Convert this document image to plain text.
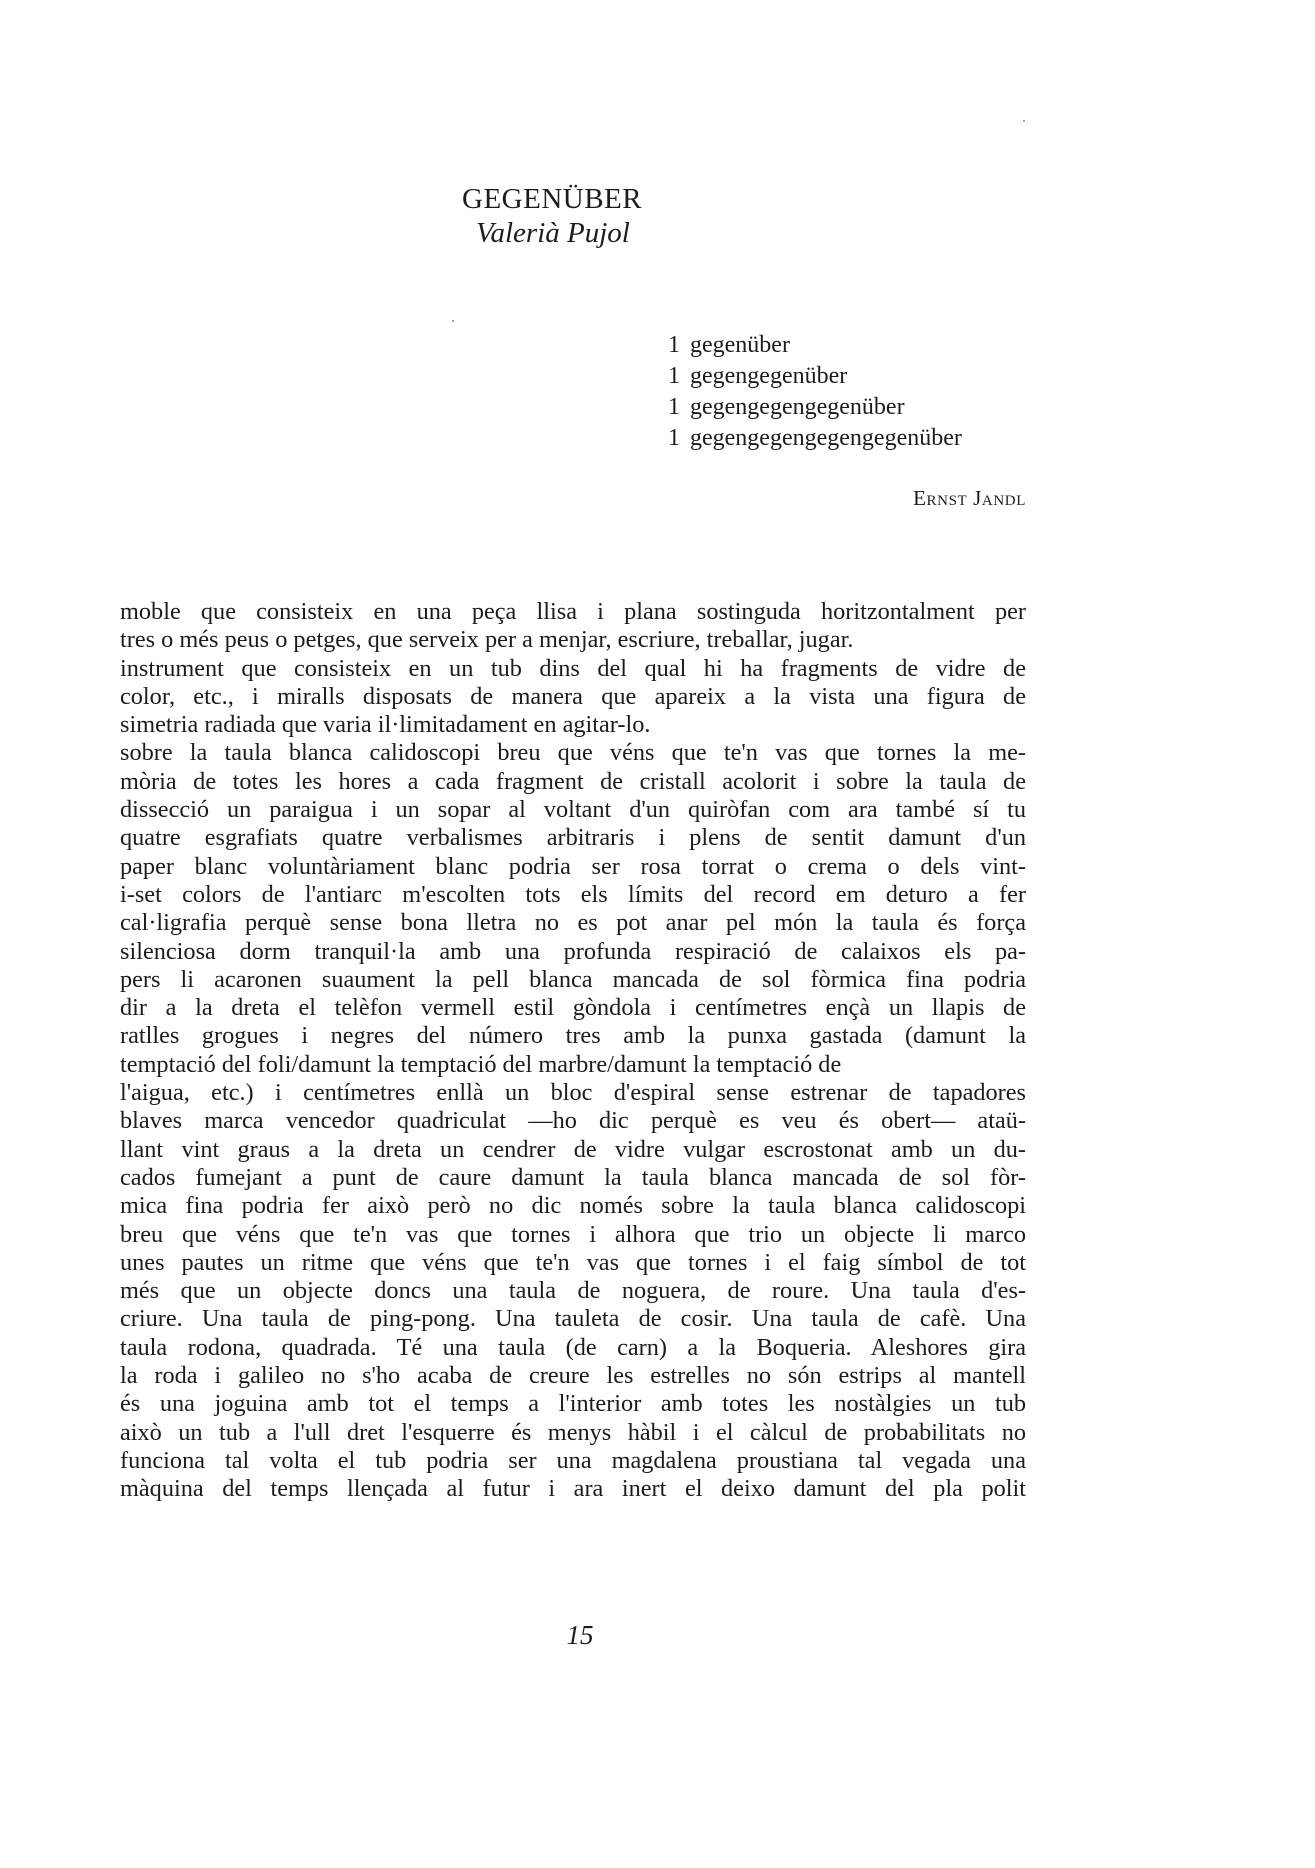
GEGENÜBER

Valerià Pujol

1 gegenüber
1 gegengegenüber
1 gegengegengegenüber
1 gegengegengegengegenüber
Ernst Jandl
moble que consisteix en una peça llisa i plana sostinguda horitzontalment per
tres o més peus o petges, que serveix per a menjar, escriure, treballar, jugar.
instrument que consisteix en un tub dins del qual hi ha fragments de vidre de
color, etc., i miralls disposats de manera que apareix a la vista una figura de
simetria radiada que varia il·limitadament en agitar-lo.
sobre la taula blanca calidoscopi breu que véns que te'n vas que tornes la me-
mòria de totes les hores a cada fragment de cristall acolorit i sobre la taula de
dissecció un paraigua i un sopar al voltant d'un quiròfan com ara també sí tu
quatre esgrafiats quatre verbalismes arbitraris i plens de sentit damunt d'un
paper blanc voluntàriament blanc podria ser rosa torrat o crema o dels vint-
i-set colors de l'antiarc m'escolten tots els límits del record em deturo a fer
cal·ligrafia perquè sense bona lletra no es pot anar pel món la taula és força
silenciosa dorm tranquil·la amb una profunda respiració de calaixos els pa-
pers li acaronen suaument la pell blanca mancada de sol fòrmica fina podria
dir a la dreta el telèfon vermell estil gòndola i centímetres ençà un llapis de
ratlles grogues i negres del número tres amb la punxa gastada (damunt la
temptació del foli/damunt la temptació del marbre/damunt la temptació de
l'aigua, etc.) i centímetres enllà un bloc d'espiral sense estrenar de tapadores
blaves marca vencedor quadriculat —ho dic perquè es veu és obert— ataü-
llant vint graus a la dreta un cendrer de vidre vulgar escrostonat amb un du-
cados fumejant a punt de caure damunt la taula blanca mancada de sol fòr-
mica fina podria fer això però no dic només sobre la taula blanca calidoscopi
breu que véns que te'n vas que tornes i alhora que trio un objecte li marco
unes pautes un ritme que véns que te'n vas que tornes i el faig símbol de tot
més que un objecte doncs una taula de noguera, de roure. Una taula d'es-
criure. Una taula de ping-pong. Una tauleta de cosir. Una taula de cafè. Una
taula rodona, quadrada. Té una taula (de carn) a la Boqueria. Aleshores gira
la roda i galileo no s'ho acaba de creure les estrelles no són estrips al mantell
és una joguina amb tot el temps a l'interior amb totes les nostàlgies un tub
això un tub a l'ull dret l'esquerre és menys hàbil i el càlcul de probabilitats no
funciona tal volta el tub podria ser una magdalena proustiana tal vegada una
màquina del temps llençada al futur i ara inert el deixo damunt del pla polit
15
